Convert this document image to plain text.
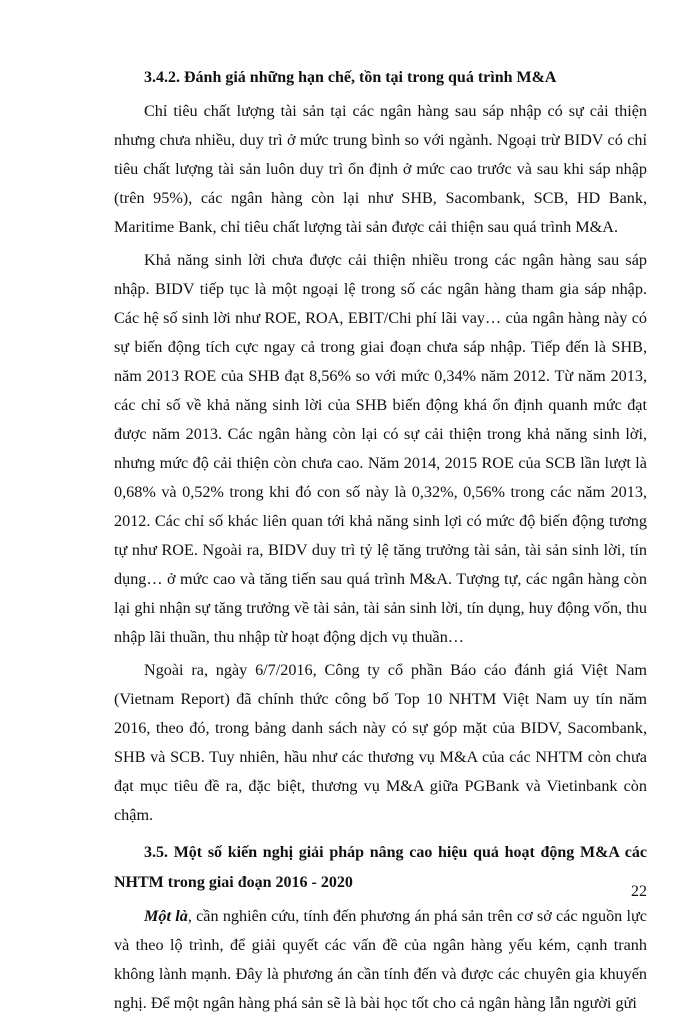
3.4.2. Đánh giá những hạn chế, tồn tại trong quá trình M&A

Chỉ tiêu chất lượng tài sản tại các ngân hàng sau sáp nhập có sự cải thiện nhưng chưa nhiều, duy trì ở mức trung bình so với ngành. Ngoại trừ BIDV có chỉ tiêu chất lượng tài sản luôn duy trì ổn định ở mức cao trước và sau khi sáp nhập (trên 95%), các ngân hàng còn lại như SHB, Sacombank, SCB, HD Bank, Maritime Bank, chỉ tiêu chất lượng tài sản được cải thiện sau quá trình M&A.

Khả năng sinh lời chưa được cải thiện nhiều trong các ngân hàng sau sáp nhập. BIDV tiếp tục là một ngoại lệ trong số các ngân hàng tham gia sáp nhập. Các hệ số sinh lời như ROE, ROA, EBIT/Chi phí lãi vay… của ngân hàng này có sự biến động tích cực ngay cả trong giai đoạn chưa sáp nhập. Tiếp đến là SHB, năm 2013 ROE của SHB đạt 8,56% so với mức 0,34% năm 2012. Từ năm 2013, các chỉ số về khả năng sinh lời của SHB biến động khá ổn định quanh mức đạt được năm 2013. Các ngân hàng còn lại có sự cải thiện trong khả năng sinh lời, nhưng mức độ cải thiện còn chưa cao. Năm 2014, 2015 ROE của SCB lần lượt là 0,68% và 0,52% trong khi đó con số này là 0,32%, 0,56% trong các năm 2013, 2012. Các chỉ số khác liên quan tới khả năng sinh lợi có mức độ biến động tương tự như ROE. Ngoài ra, BIDV duy trì tỷ lệ tăng trưởng tài sản, tài sản sinh lời, tín dụng… ở mức cao và tăng tiến sau quá trình M&A. Tượng tự, các ngân hàng còn lại ghi nhận sự tăng trưởng về tài sản, tài sản sinh lời, tín dụng, huy động vốn, thu nhập lãi thuần, thu nhập từ hoạt động dịch vụ thuần…

Ngoài ra, ngày 6/7/2016, Công ty cổ phần Báo cáo đánh giá Việt Nam (Vietnam Report) đã chính thức công bố Top 10 NHTM Việt Nam uy tín năm 2016, theo đó, trong bảng danh sách này có sự góp mặt của BIDV, Sacombank, SHB và SCB. Tuy nhiên, hầu như các thương vụ M&A của các NHTM còn chưa đạt mục tiêu đề ra, đặc biệt, thương vụ M&A giữa PGBank và Vietinbank còn chậm.

3.5. Một số kiến nghị giải pháp nâng cao hiệu quả hoạt động M&A các NHTM trong giai đoạn 2016 - 2020

Một là, cần nghiên cứu, tính đến phương án phá sản trên cơ sở các nguồn lực và theo lộ trình, để giải quyết các vấn đề của ngân hàng yếu kém, cạnh tranh không lành mạnh. Đây là phương án cần tính đến và được các chuyên gia khuyến nghị. Để một ngân hàng phá sản sẽ là bài học tốt cho cả ngân hàng lẫn người gửi

22
